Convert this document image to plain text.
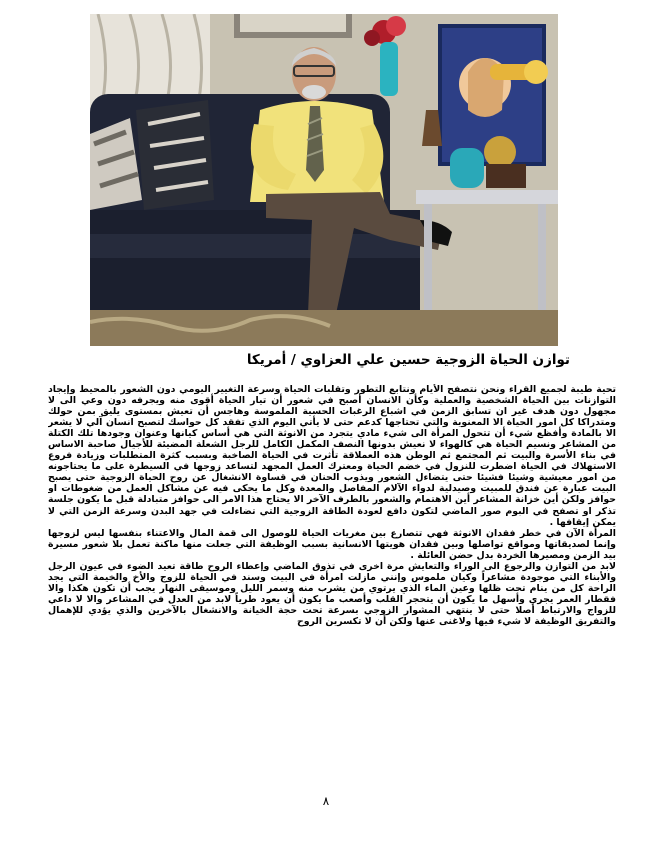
توازن الحياة الزوجية حسين علي العزاوي / أمريكا

تحية طيبة لجميع القراء ونحن نتصفح الأيام ونتابع التطور وتقلبات الحياة وسرعة التغيير اليومي دون الشعور بالمحيط وإيجاد التوازنات بين الحياة الشخصية والعملية وكأن الانسان أصبح في شعور أن تيار الحياة أقوى منه ويجرفه دون وعي الى لا مجهول دون هدف غير ان تسابق الزمن في اشباع الرغبات الحسية الملموسة وهاجس أن تعيش بمستوى يليق بمن حولك ومتدراكا كل امور الحياة الا المعنوية والتي تحتاجها كدعم حتى لا يأتي اليوم الذي تفقد كل حواسك لتصبح انسان آلي لا يشعر الا بالمادة وأفظع شيء أن تتحول المرأة الى شيء مادي يتجرد من الانوثة التي هي أساس كيانها وعنوان وجودها تلك الكتلة من المشاعر ونسيم الحياة هي كالهواء لا نعيش بدونها النصف المكمل الكامل للرجل الشعلة المضيئة للأجيال صاحبة الاساس في بناء الأسرة والبيت ثم المجتمع ثم الوطن هذه العملاقة تأثرت في الحياة الصاخبة وبسبب كثرة المتطلبات وزيادة فروع الاستهلاك في الحياة اضطرت للنزول في خضم الحياة ومعترك العمل المجهد لتساعد زوجها في السيطرة على ما يحتاجونه من امور معيشية وشيئا فشيئا حتى يتضاءل الشعور ويذوب الحنان في قساوة الانشغال عن روح الحياة الزوجية حتى يصبح البيت عبارة عن فندق للمبيت وصيدلية لدواء الآلام المفاصل والمعدة وكل ما يحكى فيه عن مشاكل العمل من ضغوطات او حوافز ولكن أين خزانة المشاعر أين الاهتمام والشعور بالطرف الآخر الا يحتاج هذا الامر الى حوافز متبادلة قبل ما يكون جلسة تذكر او تصفح في البوم صور الماضي لتكون دافع لعودة الطاقة الزوجية التي تضاءلت في جهد البدن وسرعة الزمن التي لا يمكن إيقافها .

المرأة الآن في خطر فقدان الانوثة فهي تتصارع بين مغريات الحياة للوصول الى قمة المال والاعتناء بنفسها ليس لزوجها وإنما لصديقاتها ومواقع تواصلها وبين فقدان هويتها الانسانية بسبب الوظيفة التي جعلت منها ماكنة تعمل بلا شعور مسيرة بيد الزمن ومصيرها الخردة بدل حضن العائلة .

لابد من التوازن والرجوع الى الوراء والتعايش مرة اخرى في تذوق الماضي وإعطاء الروح طاقة تعيد الضوء في عيون الرجل والأبناء التي موجودة مشاعراً وكيان ملموس وإنني مازلت امرأة في البيت وسند في الحياة للزوج والأخ والخيمة التي يجد الراحة كل من ينام تحت ظلها وعين الماء الذي يرتوي من يشرب منه وسمر الليل وموسيقى النهار يجب أن تكون هكذا والا فقطار العمر يجري وأسهل ما يكون أن يتحجر القلب وأصعب ما يكون أن يعود طرياً لابد من العدل في المشاعر والا لا داعي للزواج والارتباط أصلا حتى لا ينتهي المشوار الزوجي بسرعة تحت حجة الخيانة والانشغال بالآخرين والذي يؤدي للإهمال والتفريق الوظيفة لا شيء فيها ولاغنى عنها ولكن أن لا تكسرين الروح

٨
